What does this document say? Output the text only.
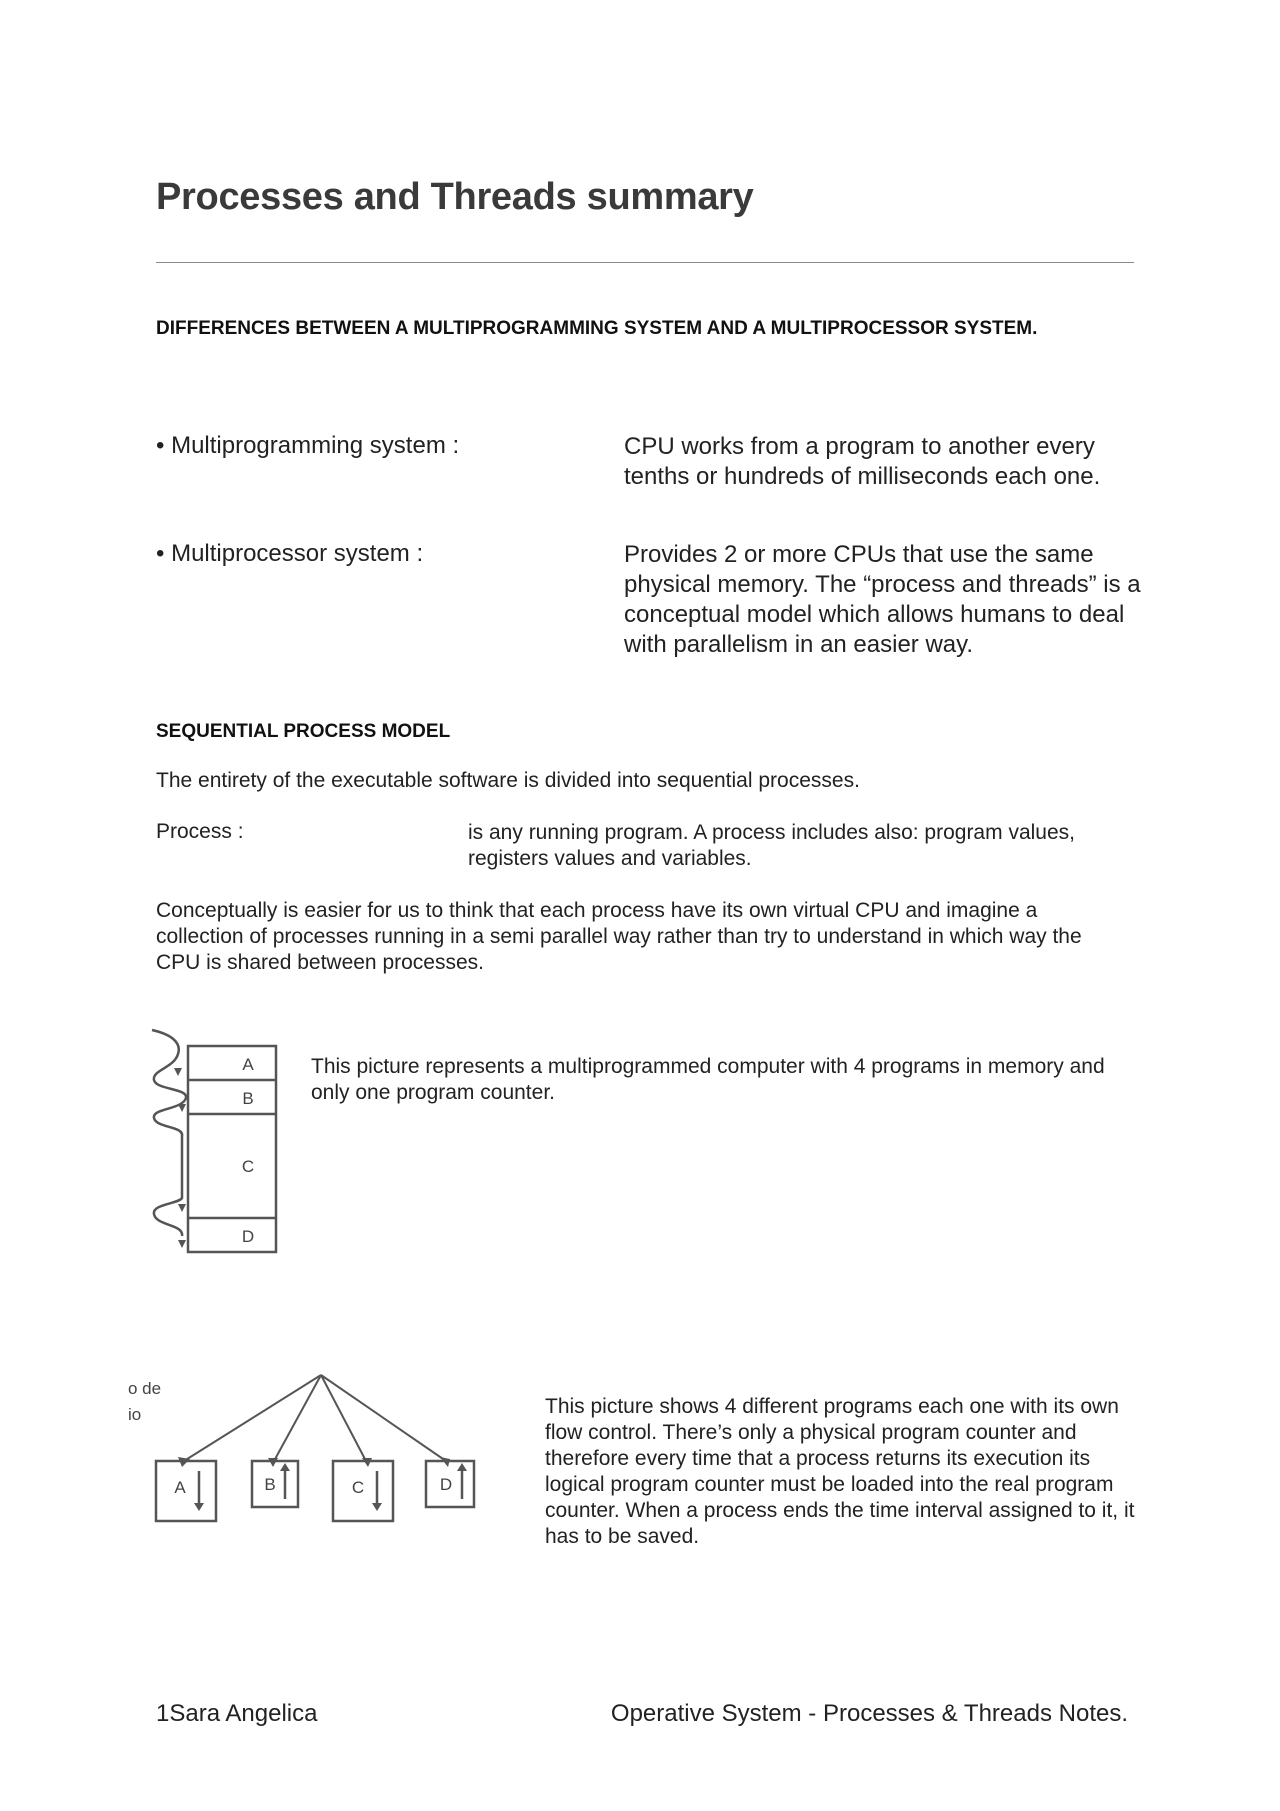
Processes and Threads summary
DIFFERENCES BETWEEN A MULTIPROGRAMMING SYSTEM AND A MULTIPROCESSOR SYSTEM.
• Multiprogramming system :	CPU works from a program to another every tenths or hundreds of milliseconds each one.
• Multiprocessor system :	Provides 2 or more CPUs that use the same physical memory. The “process and threads” is a conceptual model which allows humans to deal with parallelism in an easier way.
SEQUENTIAL PROCESS MODEL

The entirety of the executable software is divided into sequential processes.

Process :	is any running program. A process includes also: program values, registers values and variables.

Conceptually is easier for us to think that each process have its own virtual CPU and imagine a collection of processes running in a semi parallel way rather than try to understand in which way the CPU is shared between processes.

A
B
C
D
This picture represents a multiprogrammed computer with 4 programs in memory and only one program counter.
o de
io
A	B	C	D
This picture shows 4 different programs each one with its own flow control. There’s only a physical program counter and therefore every time that a process returns its execution its logical program counter must be loaded into the real program counter. When a process ends the time interval assigned to it, it has to be saved.
1Sara Angelica	Operative System - Processes & Threads Notes.
